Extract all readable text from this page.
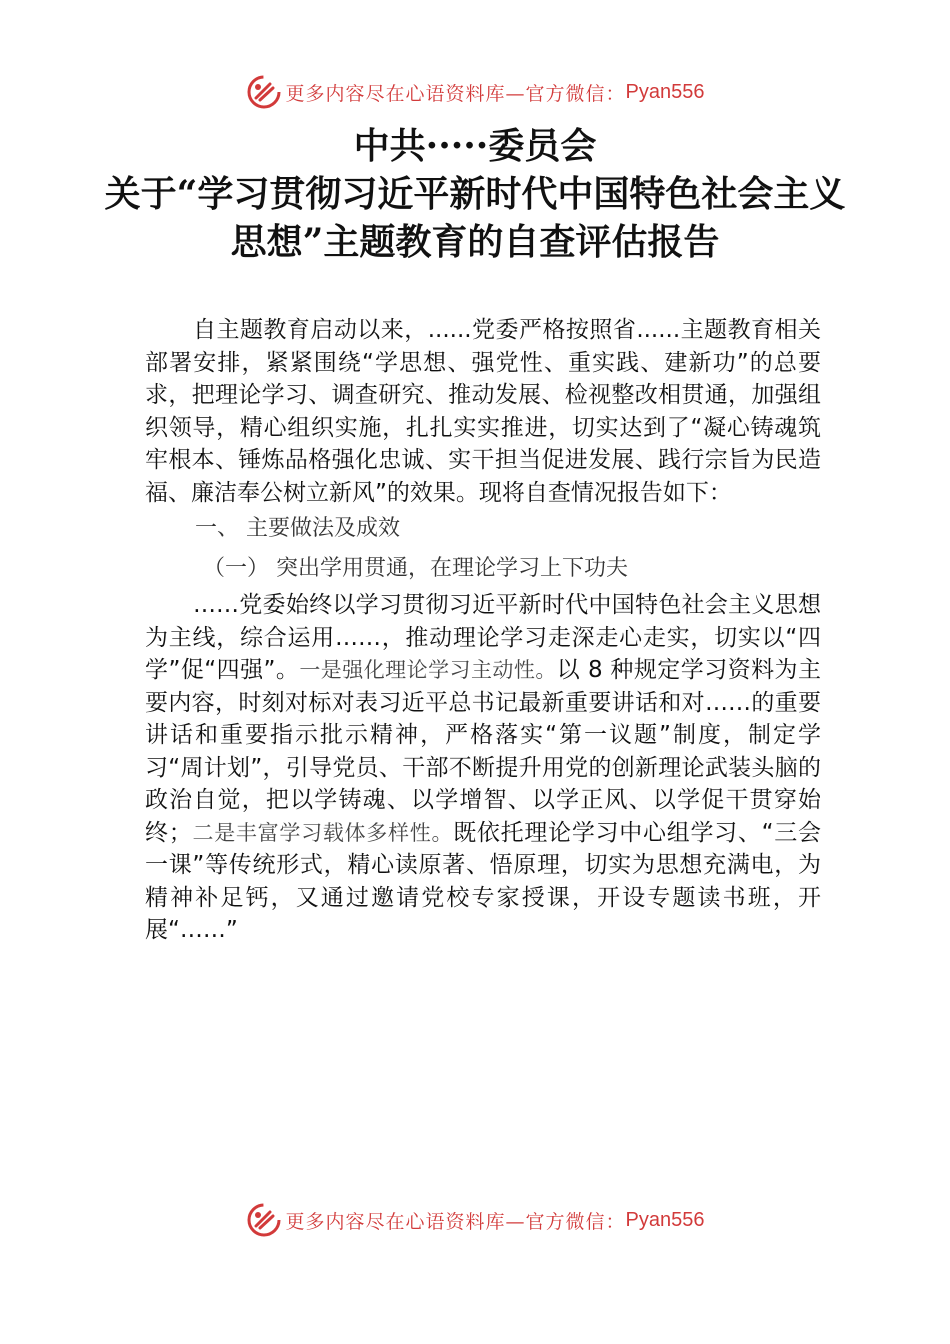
更多内容尽在心语资料库—官方微信： Pyan556
中共·····委员会
关于“学习贯彻习近平新时代中国特色社会主义
思想”主题教育的自查评估报告

自主题教育启动以来，......党委严格按照省......主题教育相关部署安排，紧紧围绕“学思想、强党性、重实践、建新功”的总要求，把理论学习、调查研究、推动发展、检视整改相贯通，加强组织领导，精心组织实施，扎扎实实推进，切实达到了“凝心铸魂筑牢根本、锤炼品格强化忠诚、实干担当促进发展、践行宗旨为民造福、廉洁奉公树立新风”的效果。现将自查情况报告如下：

一、 主要做法及成效

（一） 突出学用贯通，在理论学习上下功夫

……党委始终以学习贯彻习近平新时代中国特色社会主义思想为主线，综合运用……，推动理论学习走深走心走实，切实以“四学”促“四强”。一是强化理论学习主动性。以 8 种规定学习资料为主要内容，时刻对标对表习近平总书记最新重要讲话和对……的重要讲话和重要指示批示精神，严格落实“第一议题”制度，制定学习“周计划”，引导党员、干部不断提升用党的创新理论武装头脑的政治自觉，把以学铸魂、以学增智、以学正风、以学促干贯穿始终；二是丰富学习载体多样性。既依托理论学习中心组学习、“三会一课”等传统形式，精心读原著、悟原理，切实为思想充满电，为精神补足钙，又通过邀请党校专家授课，开设专题读书班，开展“……”

更多内容尽在心语资料库—官方微信： Pyan556
